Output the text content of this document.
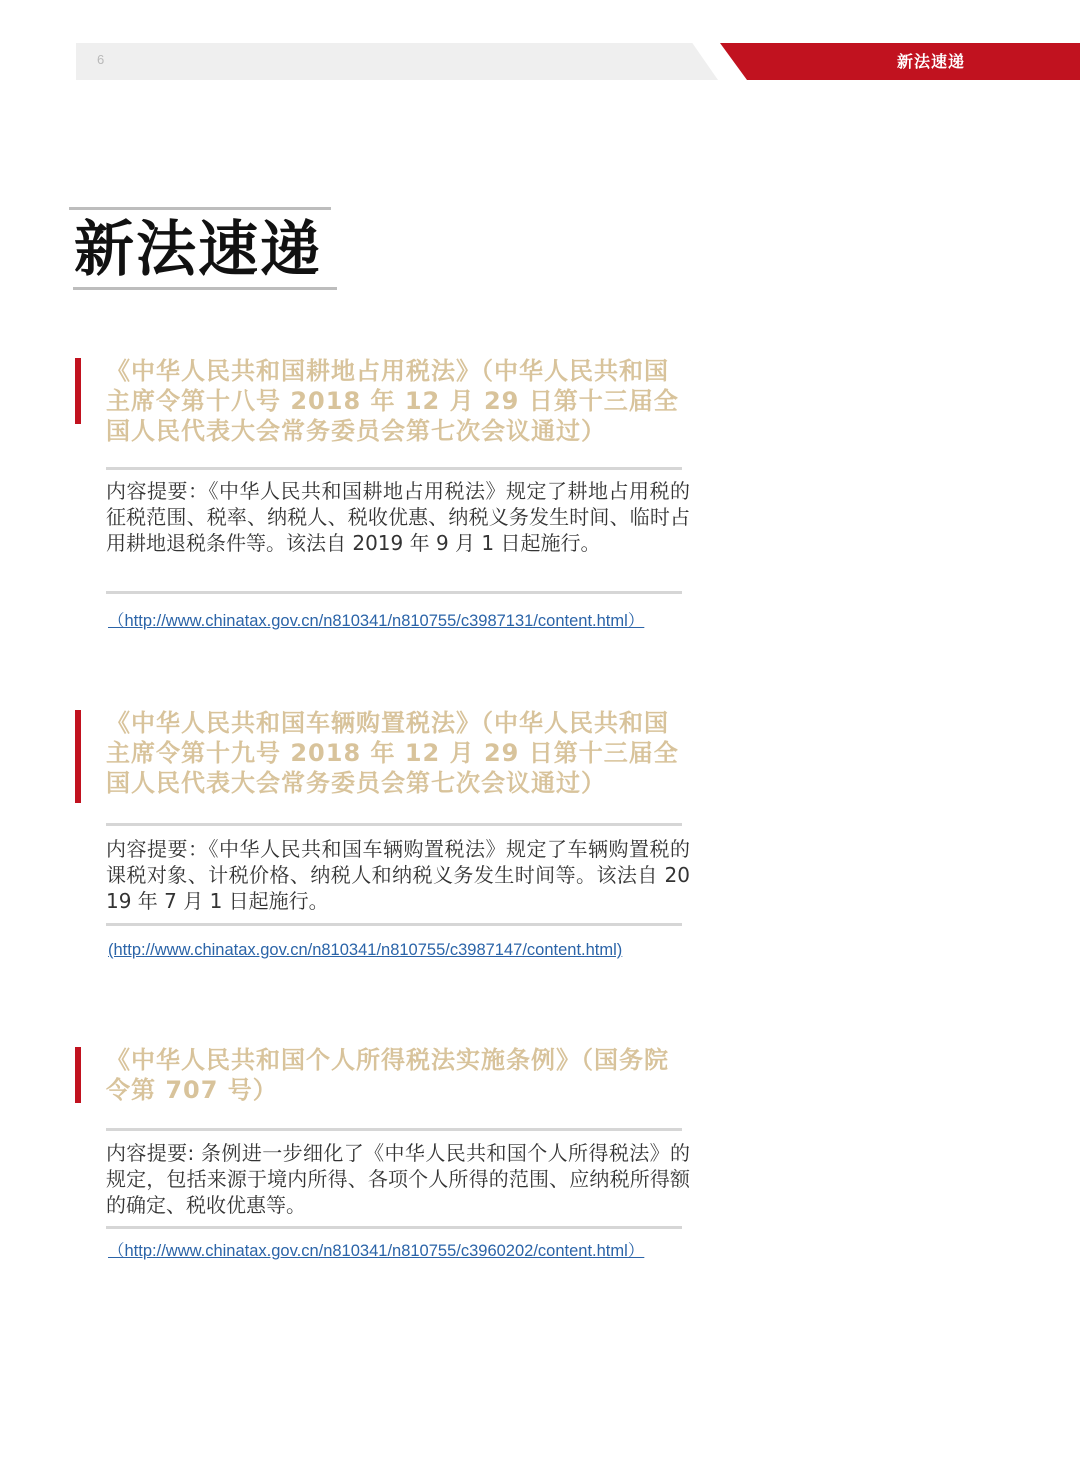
6	新法速递
新法速递
《中华人民共和国耕地占用税法》（中华人民共和国主席令第十八号 2018 年 12 月 29 日第十三届全国人民代表大会常务委员会第七次会议通过）
内容提要：《中华人民共和国耕地占用税法》规定了耕地占用税的征税范围、税率、纳税人、税收优惠、纳税义务发生时间、临时占用耕地退税条件等。该法自 2019 年 9 月 1 日起施行。
（http://www.chinatax.gov.cn/n810341/n810755/c3987131/content.html）
《中华人民共和国车辆购置税法》（中华人民共和国主席令第十九号 2018 年 12 月 29 日第十三届全国人民代表大会常务委员会第七次会议通过）
内容提要：《中华人民共和国车辆购置税法》规定了车辆购置税的课税对象、计税价格、纳税人和纳税义务发生时间等。该法自 2019 年 7 月 1 日起施行。
(http://www.chinatax.gov.cn/n810341/n810755/c3987147/content.html)
《中华人民共和国个人所得税法实施条例》（国务院令第 707 号）
内容提要: 条例进一步细化了《中华人民共和国个人所得税法》的规定，包括来源于境内所得、各项个人所得的范围、应纳税所得额的确定、税收优惠等。
（http://www.chinatax.gov.cn/n810341/n810755/c3960202/content.html）
